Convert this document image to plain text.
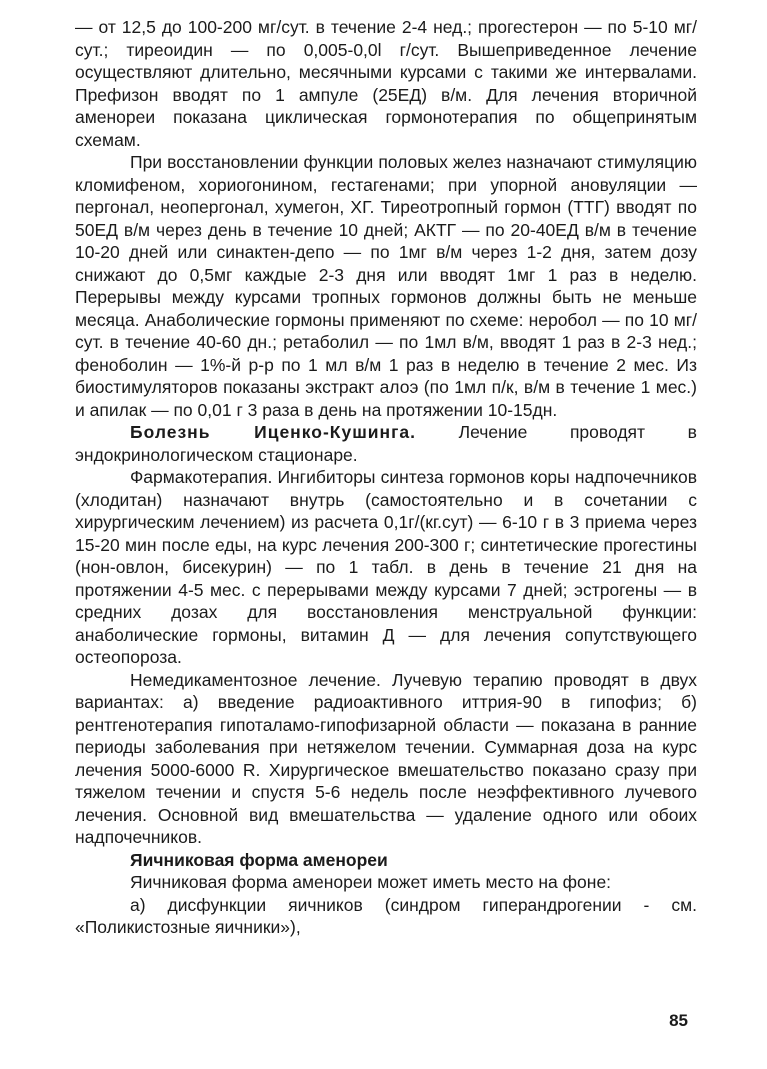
— от 12,5 до 100-200 мг/сут. в течение 2-4 нед.; прогестерон — по 5-10 мг/сут.; тиреоидин — по 0,005-0,0l г/сут. Вышеприведенное лечение осуществляют длительно, месячными курсами с такими же интервалами. Префизон вводят по 1 ампуле (25ЕД) в/м. Для лечения вторичной аменореи показана циклическая гормонотерапия по общепринятым схемам.

При восстановлении функции половых желез назначают стимуляцию кломифеном, хориогонином, гестагенами; при упорной ановуляции — пергонал, неопергонал, хумегон, ХГ. Тиреотропный гормон (ТТГ) вводят по 50ЕД в/м через день в течение 10 дней; АКТГ — по 20-40ЕД в/м в течение 10-20 дней или синактен-депо — по 1мг в/м через 1-2 дня, затем дозу снижают до 0,5мг каждые 2-3 дня или вводят 1мг 1 раз в неделю. Перерывы между курсами тропных гормонов должны быть не меньше месяца. Анаболические гормоны применяют по схеме: неробол — по 10 мг/сут. в течение 40-60 дн.; ретаболил — по 1мл в/м, вводят 1 раз в 2-3 нед.; феноболин — 1%-й р-р по 1 мл в/м 1 раз в неделю в течение 2 мес. Из биостимуляторов показаны экстракт алоэ (по 1мл п/к, в/м в течение 1 мес.) и апилак — по 0,01 г 3 раза в день на протяжении 10-15дн.

Болезнь Иценко-Кушинга. Лечение проводят в эндокринологическом стационаре.

Фармакотерапия. Ингибиторы синтеза гормонов коры надпочечников (хлодитан) назначают внутрь (самостоятельно и в сочетании с хирургическим лечением) из расчета 0,1г/(кг.сут) — 6-10 г в 3 приема через 15-20 мин после еды, на курс лечения 200-300 г; синтетические прогестины (нон-овлон, бисекурин) — по 1 табл. в день в течение 21 дня на протяжении 4-5 мес. с перерывами между курсами 7 дней; эстрогены — в средних дозах для восстановления менструальной функции: анаболические гормоны, витамин Д — для лечения сопутствующего остеопороза.

Немедикаментозное лечение. Лучевую терапию проводят в двух вариантах: а) введение радиоактивного иттрия-90 в гипофиз; б) рентгенотерапия гипоталамо-гипофизарной области — показана в ранние периоды заболевания при нетяжелом течении. Суммарная доза на курс лечения 5000-6000 R. Хирургическое вмешательство показано сразу при тяжелом течении и спустя 5-6 недель после неэффективного лучевого лечения. Основной вид вмешательства — удаление одного или обоих надпочечников.

Яичниковая форма аменореи

Яичниковая форма аменореи может иметь место на фоне:

а) дисфункции яичников (синдром гиперандрогении - см. «Поликистозные яичники»),

85
